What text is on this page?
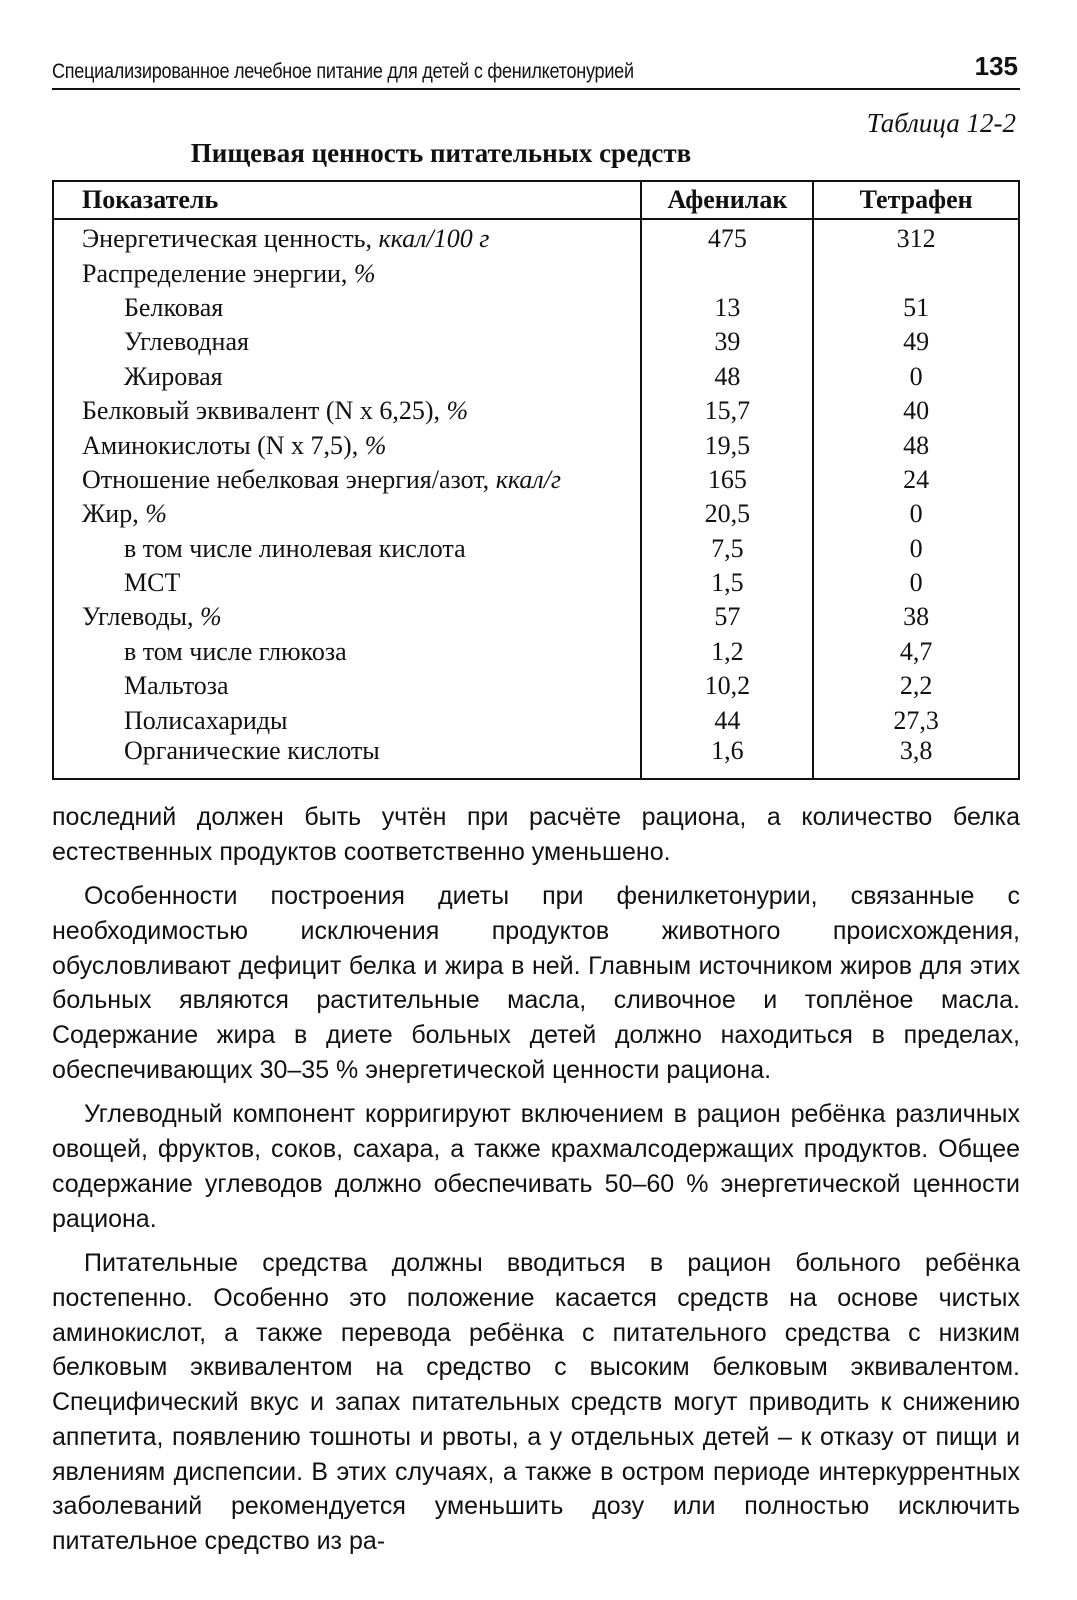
Специализированное лечебное питание для детей с фенилкетонурией	135
Таблица 12-2
Пищевая ценность питательных средств
Показатель	Афенилак	Тетрафен
Энергетическая ценность, ккал/100 г	475	312
Распределение энергии, %		
Белковая	13	51
Углеводная	39	49
Жировая	48	0
Белковый эквивалент (N x 6,25), %	15,7	40
Аминокислоты (N x 7,5), %	19,5	48
Отношение небелковая энергия/азот, ккал/г	165	24
Жир, %	20,5	0
в том числе линолевая кислота	7,5	0
МСТ	1,5	0
Углеводы, %	57	38
в том числе глюкоза	1,2	4,7
Мальтоза	10,2	2,2
Полисахариды	44	27,3
Органические кислоты	1,6	3,8

последний должен быть учтён при расчёте рациона, а количество белка естественных продуктов соответственно уменьшено.

Особенности построения диеты при фенилкетонурии, связанные с необходимостью исключения продуктов животного происхождения, обусловливают дефицит белка и жира в ней. Главным источником жиров для этих больных являются растительные масла, сливочное и топлёное масла. Содержание жира в диете больных детей должно находиться в пределах, обеспечивающих 30–35 % энергетической ценности рациона.

Углеводный компонент корригируют включением в рацион ребёнка различных овощей, фруктов, соков, сахара, а также крахмалсодержащих продуктов. Общее содержание углеводов должно обеспечивать 50–60 % энергетической ценности рациона.

Питательные средства должны вводиться в рацион больного ребёнка постепенно. Особенно это положение касается средств на основе чистых аминокислот, а также перевода ребёнка с питательного средства с низким белковым эквивалентом на средство с высоким белковым эквивалентом. Специфический вкус и запах питательных средств могут приводить к снижению аппетита, появлению тошноты и рвоты, а у отдельных детей – к отказу от пищи и явлениям диспепсии. В этих случаях, а также в остром периоде интеркуррентных заболеваний рекомендуется уменьшить дозу или полностью исключить питательное средство из ра-
